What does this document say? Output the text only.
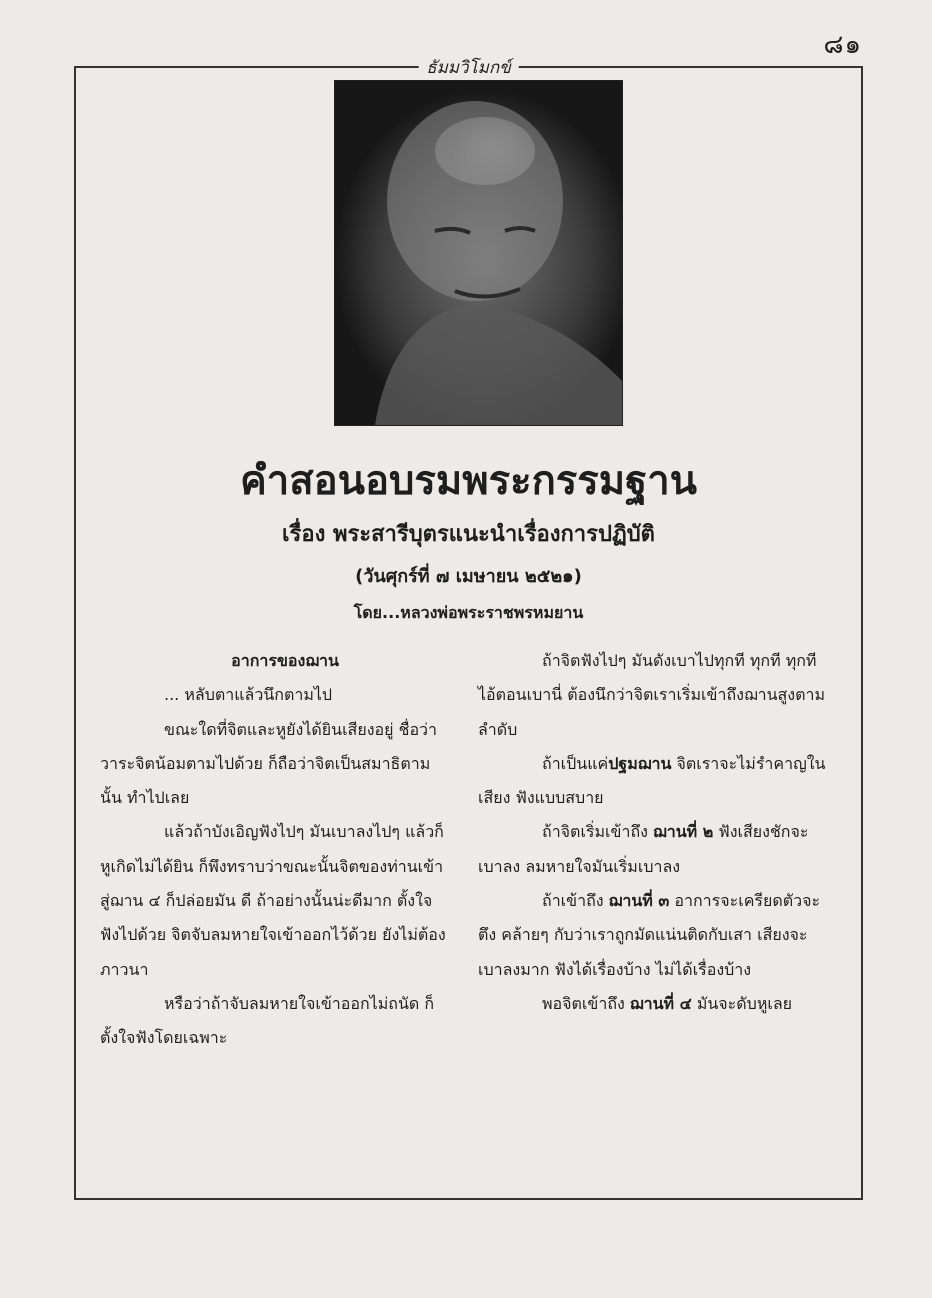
๘๑
ธัมมวิโมกข์
คำสอนอบรมพระกรรมฐาน
เรื่อง พระสารีบุตรแนะนำเรื่องการปฏิบัติ
(วันศุกร์ที่ ๗ เมษายน ๒๕๒๑)
โดย...หลวงพ่อพระราชพรหมยาน

อาการของฌาน

... หลับตาแล้วนึกตามไป

ขณะใดที่จิตและหูยังได้ยินเสียงอยู่ ชื่อว่าวาระจิตน้อมตามไปด้วย ก็ถือว่าจิตเป็นสมาธิตามนั้น ทำไปเลย

แล้วถ้าบังเอิญฟังไปๆ มันเบาลงไปๆ แล้วก็หูเกิดไม่ได้ยิน ก็พึงทราบว่าขณะนั้นจิตของท่านเข้าสู่ฌาน ๔ ก็ปล่อยมัน ดี ถ้าอย่างนั้นน่ะดีมาก ตั้งใจฟังไปด้วย จิตจับลมหายใจเข้าออกไว้ด้วย ยังไม่ต้องภาวนา

หรือว่าถ้าจับลมหายใจเข้าออกไม่ถนัด ก็ตั้งใจฟังโดยเฉพาะ

ถ้าจิตฟังไปๆ มันดังเบาไปทุกที ทุกที ทุกที ไอ้ตอนเบานี่ ต้องนึกว่าจิตเราเริ่มเข้าถึงฌานสูงตามลำดับ

ถ้าเป็นแค่ปฐมฌาน จิตเราจะไม่รำคาญในเสียง ฟังแบบสบาย

ถ้าจิตเริ่มเข้าถึง ฌานที่ ๒ ฟังเสียงชักจะเบาลง ลมหายใจมันเริ่มเบาลง

ถ้าเข้าถึง ฌานที่ ๓ อาการจะเครียดตัวจะตึง คล้ายๆ กับว่าเราถูกมัดแน่นติดกับเสา เสียงจะเบาลงมาก ฟังได้เรื่องบ้าง ไม่ได้เรื่องบ้าง

พอจิตเข้าถึง ฌานที่ ๔ มันจะดับหูเลย
